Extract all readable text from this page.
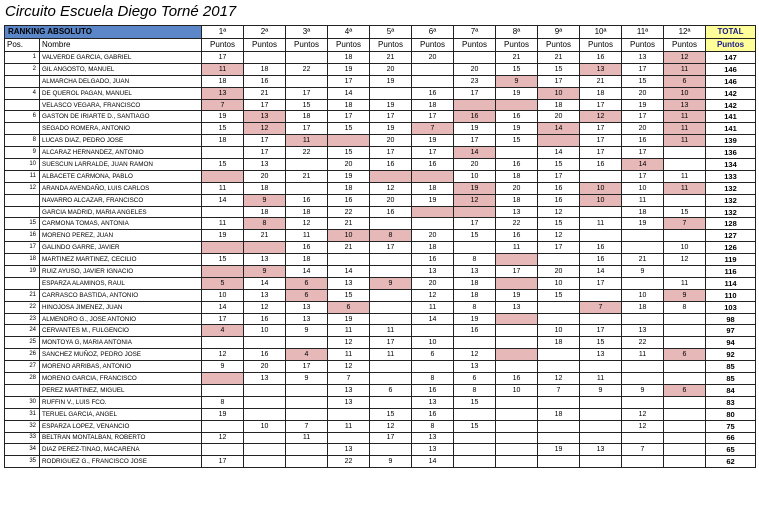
Circuito Escuela Diego Torné 2017
RANKING ABSOLUTO		1ª	2ª	3ª	4ª	5ª	6ª	7ª	8ª	9ª	10ª	11ª	12ª	TOTAL
Pos.	Nombre	Puntos	Puntos	Puntos	Puntos	Puntos	Puntos	Puntos	Puntos	Puntos	Puntos	Puntos	Puntos	Puntos
1	VALVERDE GARCIA, GABRIEL	17			18	21	20		21	21	16	13	12	147
2	GIL ANGOSTO, MANUEL	11	18	22	19	20		20	15	15	13	17	11	146
	ALMARCHA DELGADO, JUAN	18	16		17	19		23	9	17	21	15	6	146
4	DE QUEROL PAGAN, MANUEL	13	21	17	14		16	17	19	10	18	20	10	142
	VELASCO VEGARA, FRANCISCO	7	17	15	18	19	18			18	17	19	13	142
6	GASTON DE IRIARTE D., SANTIAGO	19	13	18	17	17	17	16	16	20	12	17	11	141
	SEGADO ROMERA, ANTONIO	15	12	17	15	19	7	19	19	14	17	20	11	141
8	LUCAS DIAZ, PEDRO JOSE	18	17	11		20	19	17	15		17	16	11	139
9	ALCARAZ HERNANDEZ, ANTONIO		17	22	15	17	17	14		14	17	17		136
10	SUESCUN LARRALDE, JUAN RAMON	15	13		20	16	16	20	16	15	16	14		134
11	ALBACETE CARMONA, PABLO		20	21	19			10	18	17		17	11	133
12	ARANDA AVENDAÑO, LUIS CARLOS	11	18		18	12	18	19	20	16	10	10	11	132
	NAVARRO ALCAZAR, FRANCISCO	14	9	16	16	20	19	12	18	16	10	11		132
	GARCIA MADRID, MARIA ANGELES		18	18	22	16			13	12		18	15	132
15	CARMONA TOMAS, ANTONIA	11	8	12	21			17	22	15	11	19	7	128
16	MORENO PEREZ, JUAN	19	21	11	10	8	20	15	16	12				127
17	GALINDO GARRE, JAVIER			16	21	17	18		11	17	16		10	126
18	MARTINEZ MARTINEZ, CECILIO	15	13	18			16	8			16	21	12	119
19	RUIZ AYUSO, JAVIER IGNACIO		9	14	14		13	13	17	20	14	9		116
	ESPARZA ALAMINOS, RAUL	5	14	6	13	9	20	18		10	17		11	114
21	CARRASCO BASTIDA, ANTONIO	10	13	6	15		12	18	19	15		10	9	110
22	HINOJOSA JIMENEZ, JUAN	14	12	13	6		11	8	13		7	18	8	103
23	ALMENDRO G., JOSE ANTONIO	17	16	13	19		14	19						98
24	CERVANTES M., FULGENCIO	4	10	9	11	11		16		10	17	13		97
25	MONTOYA G, MARIA ANTONIA				12	17	10			18	15	22		94
26	SANCHEZ MUÑOZ, PEDRO JOSE	12	16	4	11	11	6	12			13	11	6	92
27	MORENO ARRIBAS, ANTONIO	9	20	17	12			13						85
28	MORENO GARCIA, FRANCISCO		13	9	7		8	6	16	12	11			85
	PEREZ MARTINEZ, MIGUEL				13	6	16	8	10	7	9	9	6	84
30	RUFFIN V., LUIS FCO.	8			13		13	15						83
31	TERUEL GARCIA, ANGEL	19				15	16			18		12		80
32	ESPARZA LOPEZ, VENANCIO		10	7	11	12	8	15				12		75
33	BELTRAN MONTALBAN, ROBERTO	12		11		17	13							66
34	DIAZ PEREZ-TINAO, MACARENA				13		13			19	13	7		65
35	RODRIGUEZ G., FRANCISCO JOSE	17			22	9	14							62
